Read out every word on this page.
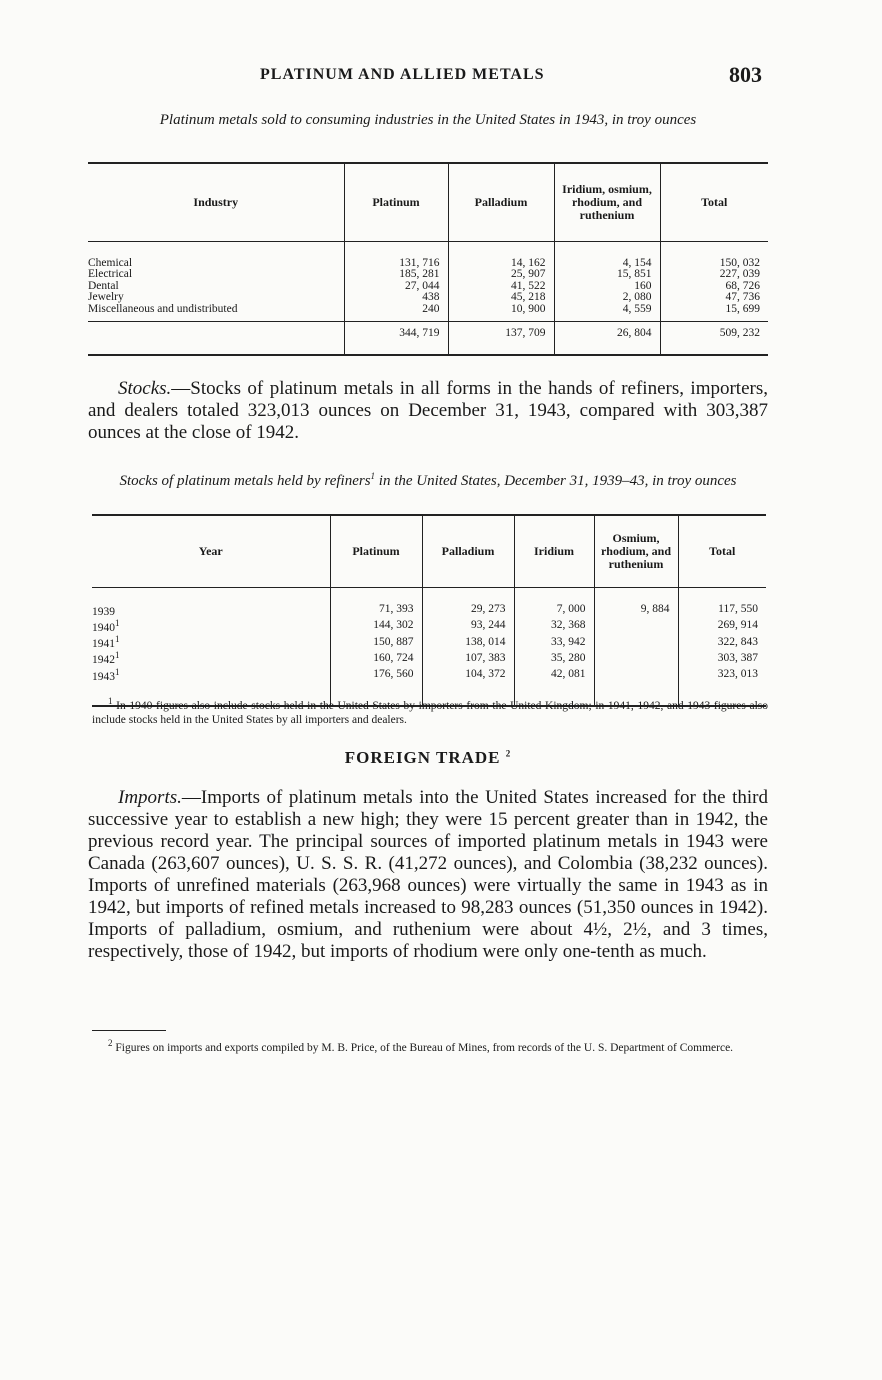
PLATINUM AND ALLIED METALS	803
Platinum metals sold to consuming industries in the United States in 1943, in troy ounces
Industry	Platinum	Palladium	Iridium, osmium, rhodium, and ruthenium	Total
Chemical	131, 716	14, 162	4, 154	150, 032
Electrical	185, 281	25, 907	15, 851	227, 039
Dental	27, 044	41, 522	160	68, 726
Jewelry	438	45, 218	2, 080	47, 736
Miscellaneous and undistributed	240	10, 900	4, 559	15, 699
	344, 719	137, 709	26, 804	509, 232

Stocks.—Stocks of platinum metals in all forms in the hands of refiners, importers, and dealers totaled 323,013 ounces on December 31, 1943, compared with 303,387 ounces at the close of 1942.

Stocks of platinum metals held by refiners$^1$ in the United States, December 31, 1939–43, in troy ounces
Year	Platinum	Palladium	Iridium	Osmium, rhodium, and ruthenium	Total
1939	71, 393	29, 273	7, 000	9, 884	117, 550
1940$^1$	144, 302	93, 244	32, 368		269, 914
1941$^1$	150, 887	138, 014	33, 942		322, 843
1942$^1$	160, 724	107, 383	35, 280		303, 387
1943$^1$	176, 560	104, 372	42, 081		323, 013
$^1$ In 1940 figures also include stocks held in the United States by importers from the United Kingdom; in 1941, 1942, and 1943 figures also include stocks held in the United States by all importers and dealers.
FOREIGN TRADE $^2$

Imports.—Imports of platinum metals into the United States increased for the third successive year to establish a new high; they were 15 percent greater than in 1942, the previous record year. The principal sources of imported platinum metals in 1943 were Canada (263,607 ounces), U. S. S. R. (41,272 ounces), and Colombia (38,232 ounces). Imports of unrefined materials (263,968 ounces) were virtually the same in 1943 as in 1942, but imports of refined metals increased to 98,283 ounces (51,350 ounces in 1942). Imports of palladium, osmium, and ruthenium were about 4½, 2½, and 3 times, respectively, those of 1942, but imports of rhodium were only one-tenth as much.

$^2$ Figures on imports and exports compiled by M. B. Price, of the Bureau of Mines, from records of the U. S. Department of Commerce.
